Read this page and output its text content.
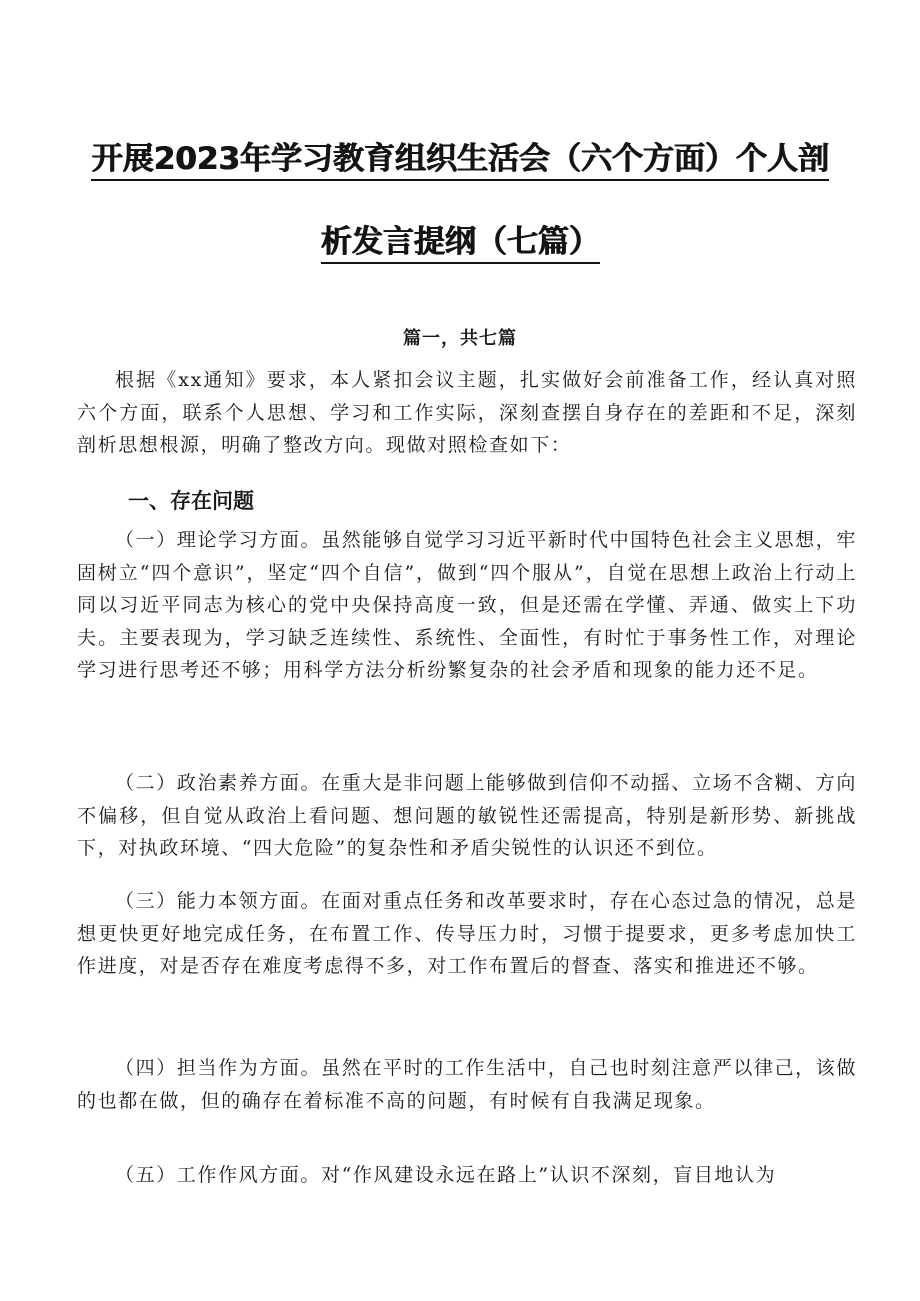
开展2023年学习教育组织生活会（六个方面）个人剖
析发言提纲（七篇）
篇一，共七篇

根据《xx通知》要求，本人紧扣会议主题，扎实做好会前准备工作，经认真对照六个方面，联系个人思想、学习和工作实际，深刻查摆自身存在的差距和不足，深刻剖析思想根源，明确了整改方向。现做对照检查如下：

一、存在问题

（一）理论学习方面。虽然能够自觉学习习近平新时代中国特色社会主义思想，牢固树立“四个意识”，坚定“四个自信”，做到“四个服从”，自觉在思想上政治上行动上同以习近平同志为核心的党中央保持高度一致，但是还需在学懂、弄通、做实上下功夫。主要表现为，学习缺乏连续性、系统性、全面性，有时忙于事务性工作，对理论学习进行思考还不够；用科学方法分析纷繁复杂的社会矛盾和现象的能力还不足。

（二）政治素养方面。在重大是非问题上能够做到信仰不动摇、立场不含糊、方向不偏移，但自觉从政治上看问题、想问题的敏锐性还需提高，特别是新形势、新挑战下，对执政环境、“四大危险”的复杂性和矛盾尖锐性的认识还不到位。

（三）能力本领方面。在面对重点任务和改革要求时，存在心态过急的情况，总是想更快更好地完成任务，在布置工作、传导压力时，习惯于提要求，更多考虑加快工作进度，对是否存在难度考虑得不多，对工作布置后的督查、落实和推进还不够。

（四）担当作为方面。虽然在平时的工作生活中，自己也时刻注意严以律己，该做的也都在做，但的确存在着标准不高的问题，有时候有自我满足现象。

（五）工作作风方面。对“作风建设永远在路上”认识不深刻，盲目地认为
